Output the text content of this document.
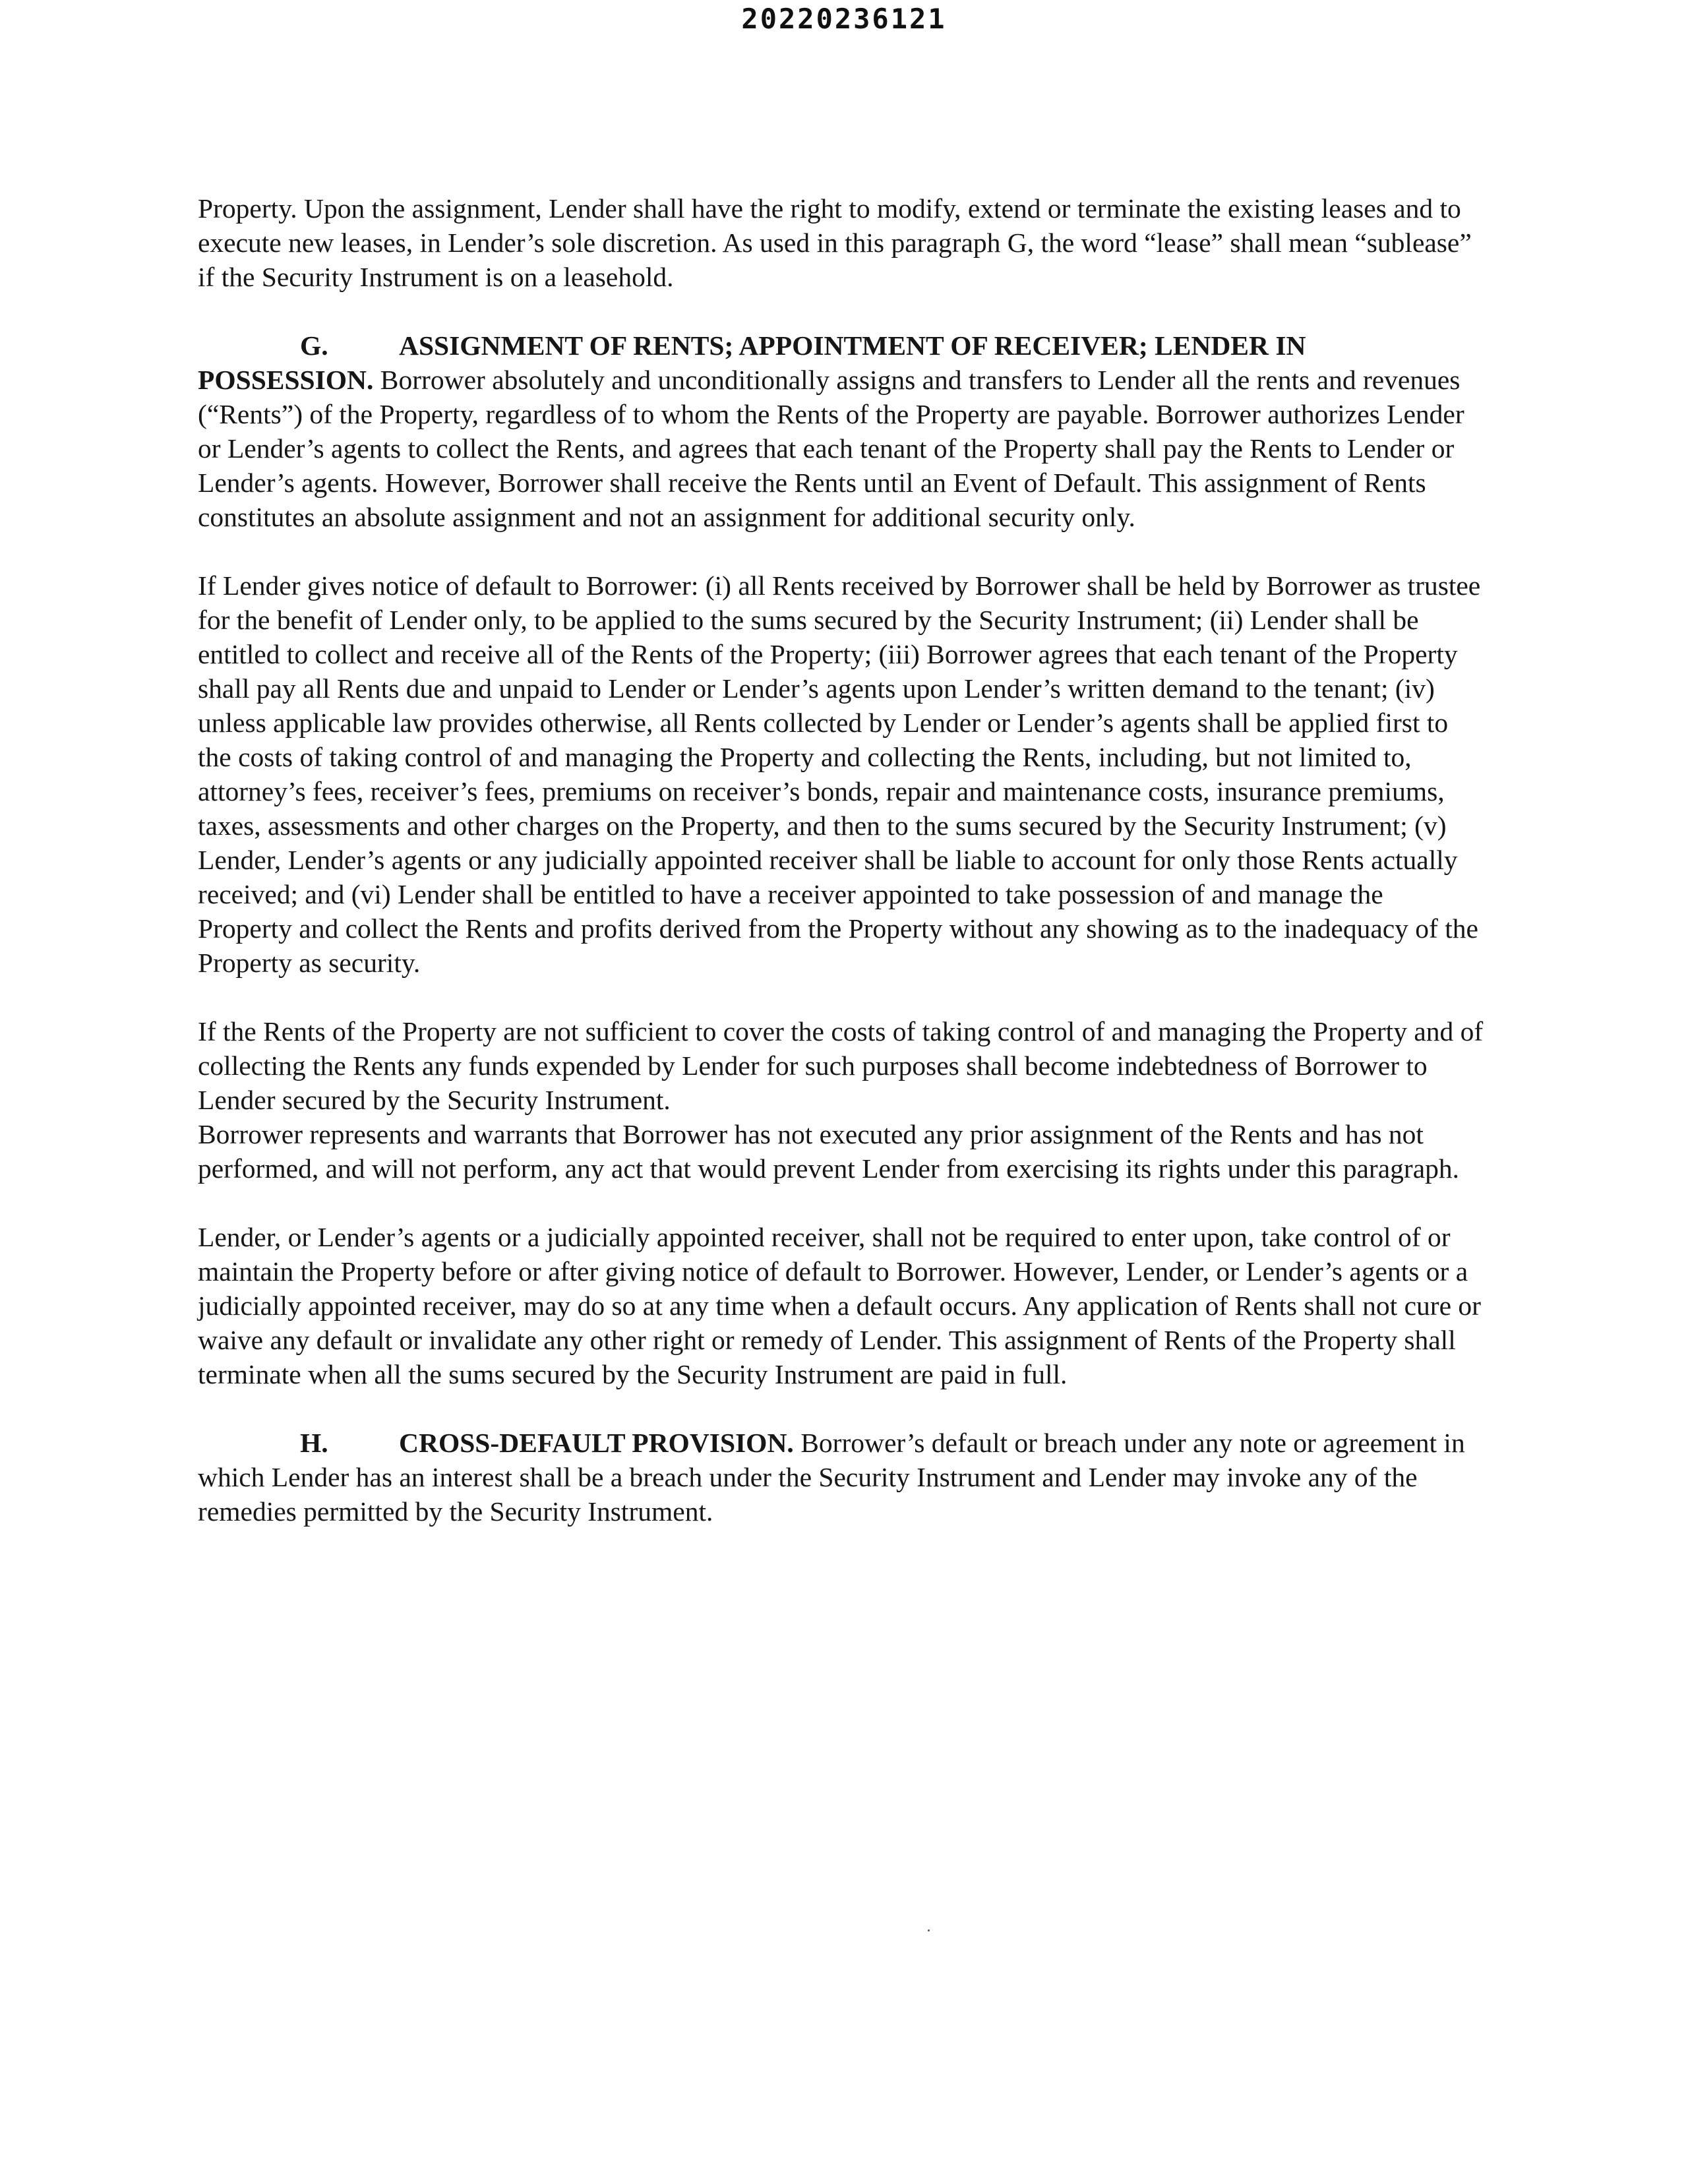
20220236121

Property. Upon the assignment, Lender shall have the right to modify, extend or terminate the existing leases and to execute new leases, in Lender’s sole discretion. As used in this paragraph G, the word “lease” shall mean “sublease” if the Security Instrument is on a leasehold.

G.	ASSIGNMENT OF RENTS; APPOINTMENT OF RECEIVER; LENDER IN POSSESSION. Borrower absolutely and unconditionally assigns and transfers to Lender all the rents and revenues (“Rents”) of the Property, regardless of to whom the Rents of the Property are payable. Borrower authorizes Lender or Lender’s agents to collect the Rents, and agrees that each tenant of the Property shall pay the Rents to Lender or Lender’s agents. However, Borrower shall receive the Rents until an Event of Default. This assignment of Rents constitutes an absolute assignment and not an assignment for additional security only.

If Lender gives notice of default to Borrower: (i) all Rents received by Borrower shall be held by Borrower as trustee for the benefit of Lender only, to be applied to the sums secured by the Security Instrument; (ii) Lender shall be entitled to collect and receive all of the Rents of the Property; (iii) Borrower agrees that each tenant of the Property shall pay all Rents due and unpaid to Lender or Lender’s agents upon Lender’s written demand to the tenant; (iv) unless applicable law provides otherwise, all Rents collected by Lender or Lender’s agents shall be applied first to the costs of taking control of and managing the Property and collecting the Rents, including, but not limited to, attorney’s fees, receiver’s fees, premiums on receiver’s bonds, repair and maintenance costs, insurance premiums, taxes, assessments and other charges on the Property, and then to the sums secured by the Security Instrument; (v) Lender, Lender’s agents or any judicially appointed receiver shall be liable to account for only those Rents actually received; and (vi) Lender shall be entitled to have a receiver appointed to take possession of and manage the Property and collect the Rents and profits derived from the Property without any showing as to the inadequacy of the Property as security.

If the Rents of the Property are not sufficient to cover the costs of taking control of and managing the Property and of collecting the Rents any funds expended by Lender for such purposes shall become indebtedness of Borrower to Lender secured by the Security Instrument.

Borrower represents and warrants that Borrower has not executed any prior assignment of the Rents and has not performed, and will not perform, any act that would prevent Lender from exercising its rights under this paragraph.

Lender, or Lender’s agents or a judicially appointed receiver, shall not be required to enter upon, take control of or maintain the Property before or after giving notice of default to Borrower. However, Lender, or Lender’s agents or a judicially appointed receiver, may do so at any time when a default occurs. Any application of Rents shall not cure or waive any default or invalidate any other right or remedy of Lender. This assignment of Rents of the Property shall terminate when all the sums secured by the Security Instrument are paid in full.

H.	CROSS-DEFAULT PROVISION. Borrower’s default or breach under any note or agreement in which Lender has an interest shall be a breach under the Security Instrument and Lender may invoke any of the remedies permitted by the Security Instrument.
